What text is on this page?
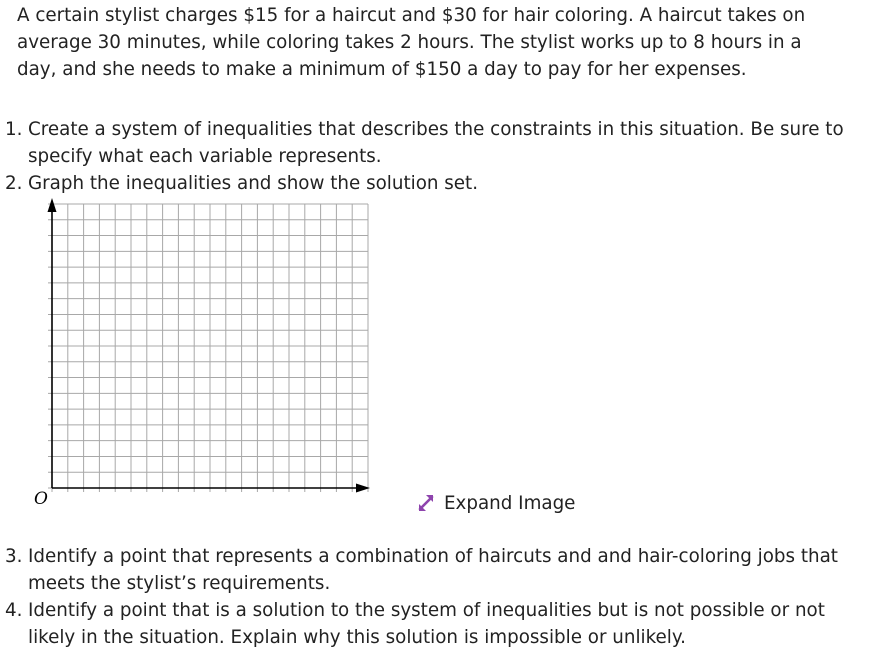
A certain stylist charges $15 for a haircut and $30 for hair coloring. A haircut takes on average 30 minutes, while coloring takes 2 hours. The stylist works up to 8 hours in a day, and she needs to make a minimum of $150 a day to pay for her expenses.

1. Create a system of inequalities that describes the constraints in this situation. Be sure to specify what each variable represents.
2. Graph the inequalities and show the solution set.
O	Expand Image
3. Identify a point that represents a combination of haircuts and and hair-coloring jobs that meets the stylist’s requirements.
4. Identify a point that is a solution to the system of inequalities but is not possible or not likely in the situation. Explain why this solution is impossible or unlikely.
